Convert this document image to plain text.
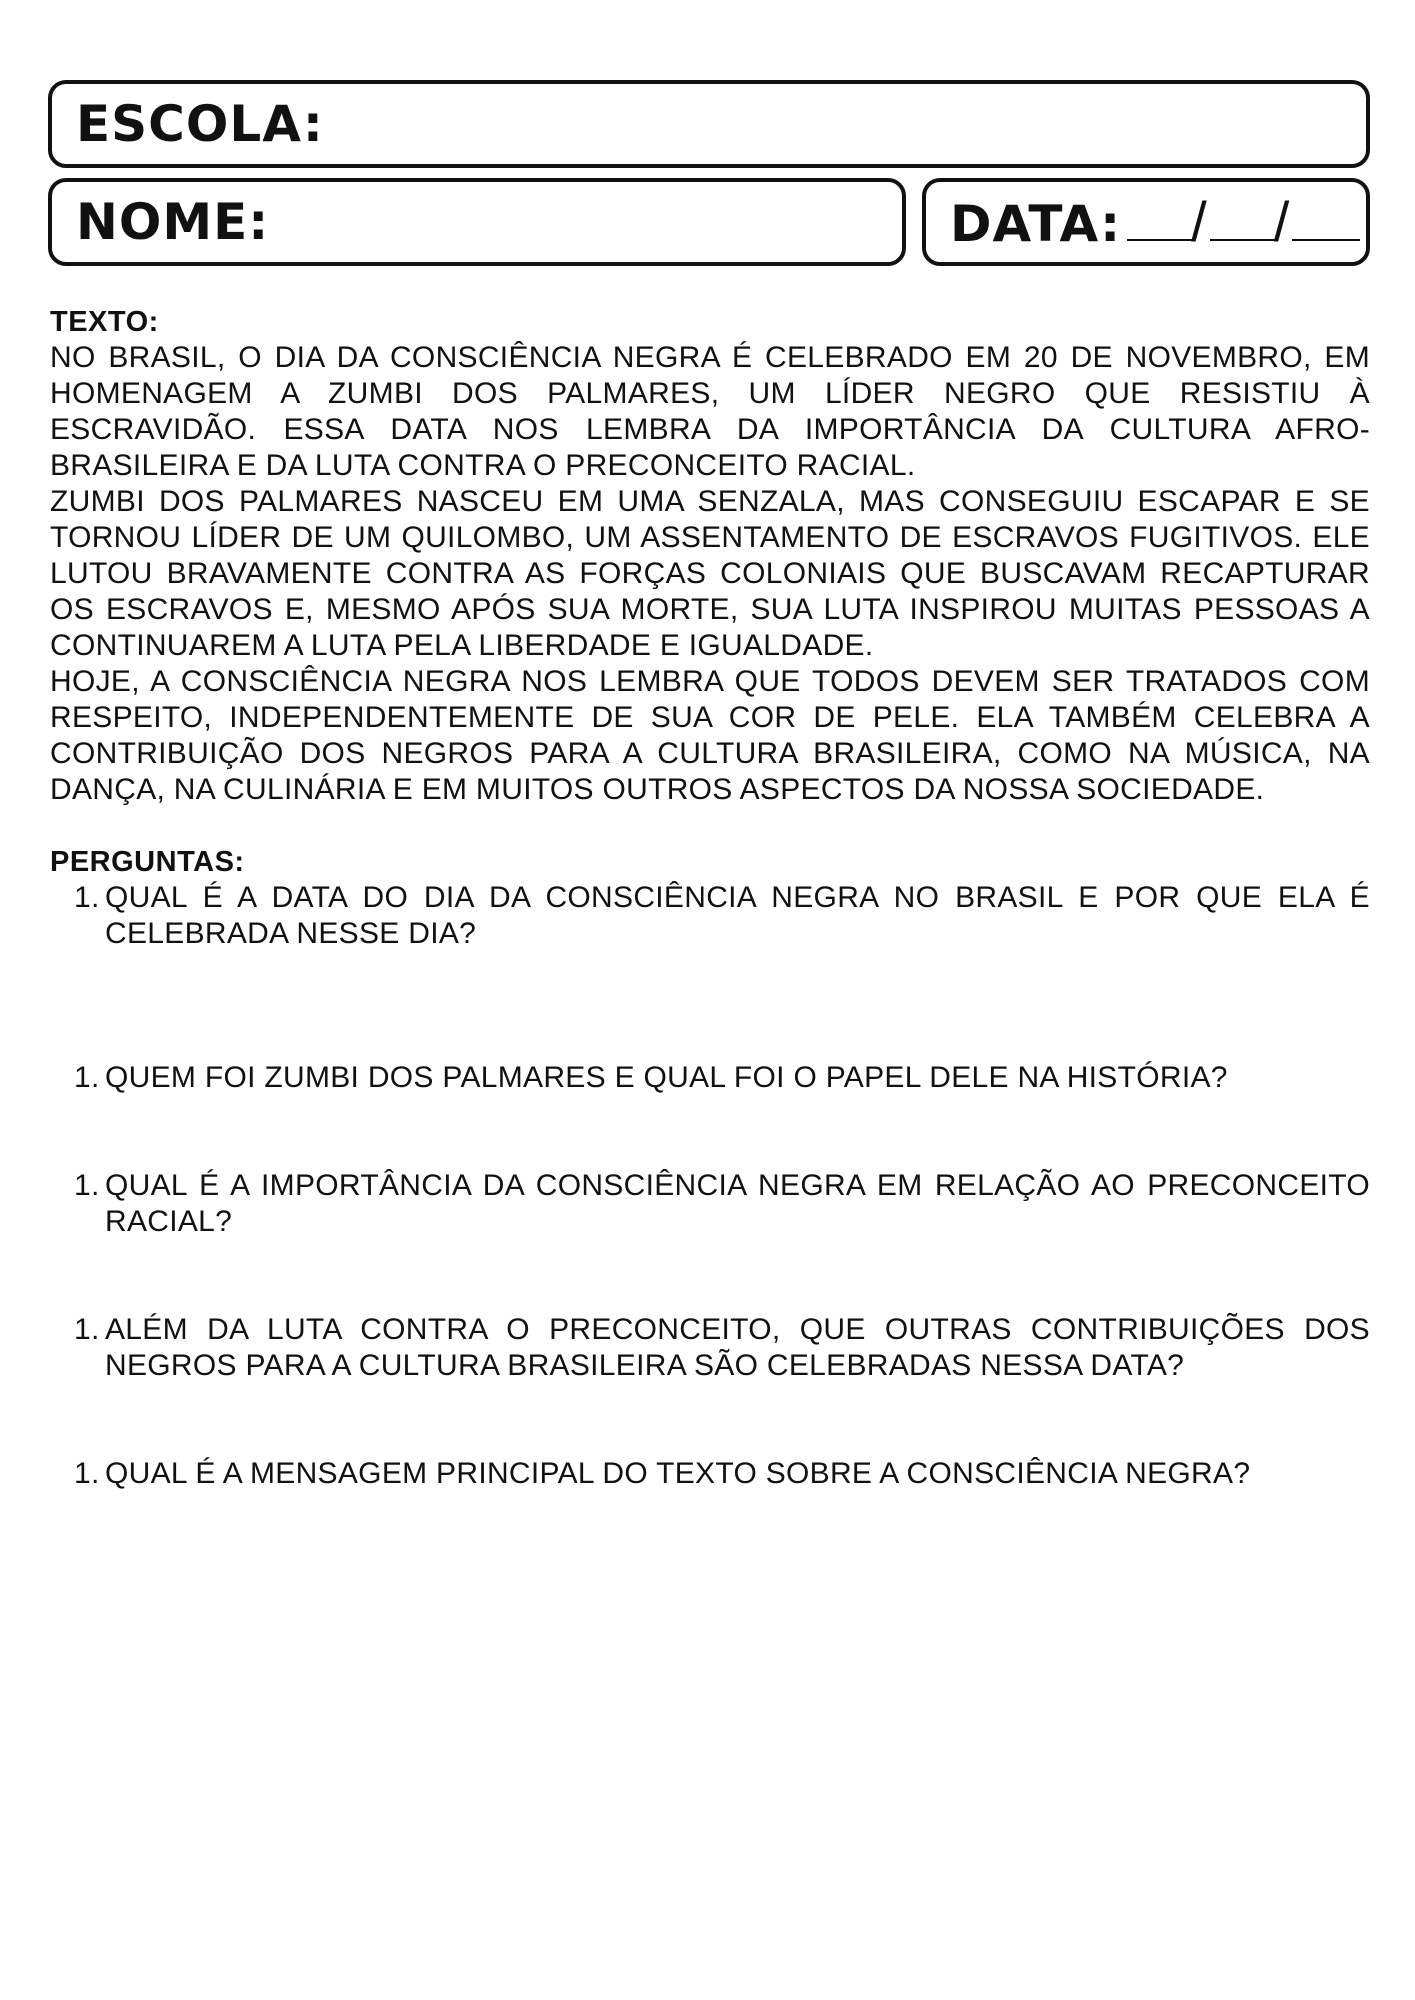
ESCOLA:
NOME:	DATA: / /
TEXTO:

NO BRASIL, O DIA DA CONSCIÊNCIA NEGRA É CELEBRADO EM 20 DE NOVEMBRO, EM HOMENAGEM A ZUMBI DOS PALMARES, UM LÍDER NEGRO QUE RESISTIU À ESCRAVIDÃO. ESSA DATA NOS LEMBRA DA IMPORTÂNCIA DA CULTURA AFRO-BRASILEIRA E DA LUTA CONTRA O PRECONCEITO RACIAL.

ZUMBI DOS PALMARES NASCEU EM UMA SENZALA, MAS CONSEGUIU ESCAPAR E SE TORNOU LÍDER DE UM QUILOMBO, UM ASSENTAMENTO DE ESCRAVOS FUGITIVOS. ELE LUTOU BRAVAMENTE CONTRA AS FORÇAS COLONIAIS QUE BUSCAVAM RECAPTURAR OS ESCRAVOS E, MESMO APÓS SUA MORTE, SUA LUTA INSPIROU MUITAS PESSOAS A CONTINUAREM A LUTA PELA LIBERDADE E IGUALDADE.

HOJE, A CONSCIÊNCIA NEGRA NOS LEMBRA QUE TODOS DEVEM SER TRATADOS COM RESPEITO, INDEPENDENTEMENTE DE SUA COR DE PELE. ELA TAMBÉM CELEBRA A CONTRIBUIÇÃO DOS NEGROS PARA A CULTURA BRASILEIRA, COMO NA MÚSICA, NA DANÇA, NA CULINÁRIA E EM MUITOS OUTROS ASPECTOS DA NOSSA SOCIEDADE.

PERGUNTAS:
1. QUAL É A DATA DO DIA DA CONSCIÊNCIA NEGRA NO BRASIL E POR QUE ELA É CELEBRADA NESSE DIA?
1. QUEM FOI ZUMBI DOS PALMARES E QUAL FOI O PAPEL DELE NA HISTÓRIA?
1. QUAL É A IMPORTÂNCIA DA CONSCIÊNCIA NEGRA EM RELAÇÃO AO PRECONCEITO RACIAL?
1. ALÉM DA LUTA CONTRA O PRECONCEITO, QUE OUTRAS CONTRIBUIÇÕES DOS NEGROS PARA A CULTURA BRASILEIRA SÃO CELEBRADAS NESSA DATA?
1. QUAL É A MENSAGEM PRINCIPAL DO TEXTO SOBRE A CONSCIÊNCIA NEGRA?
